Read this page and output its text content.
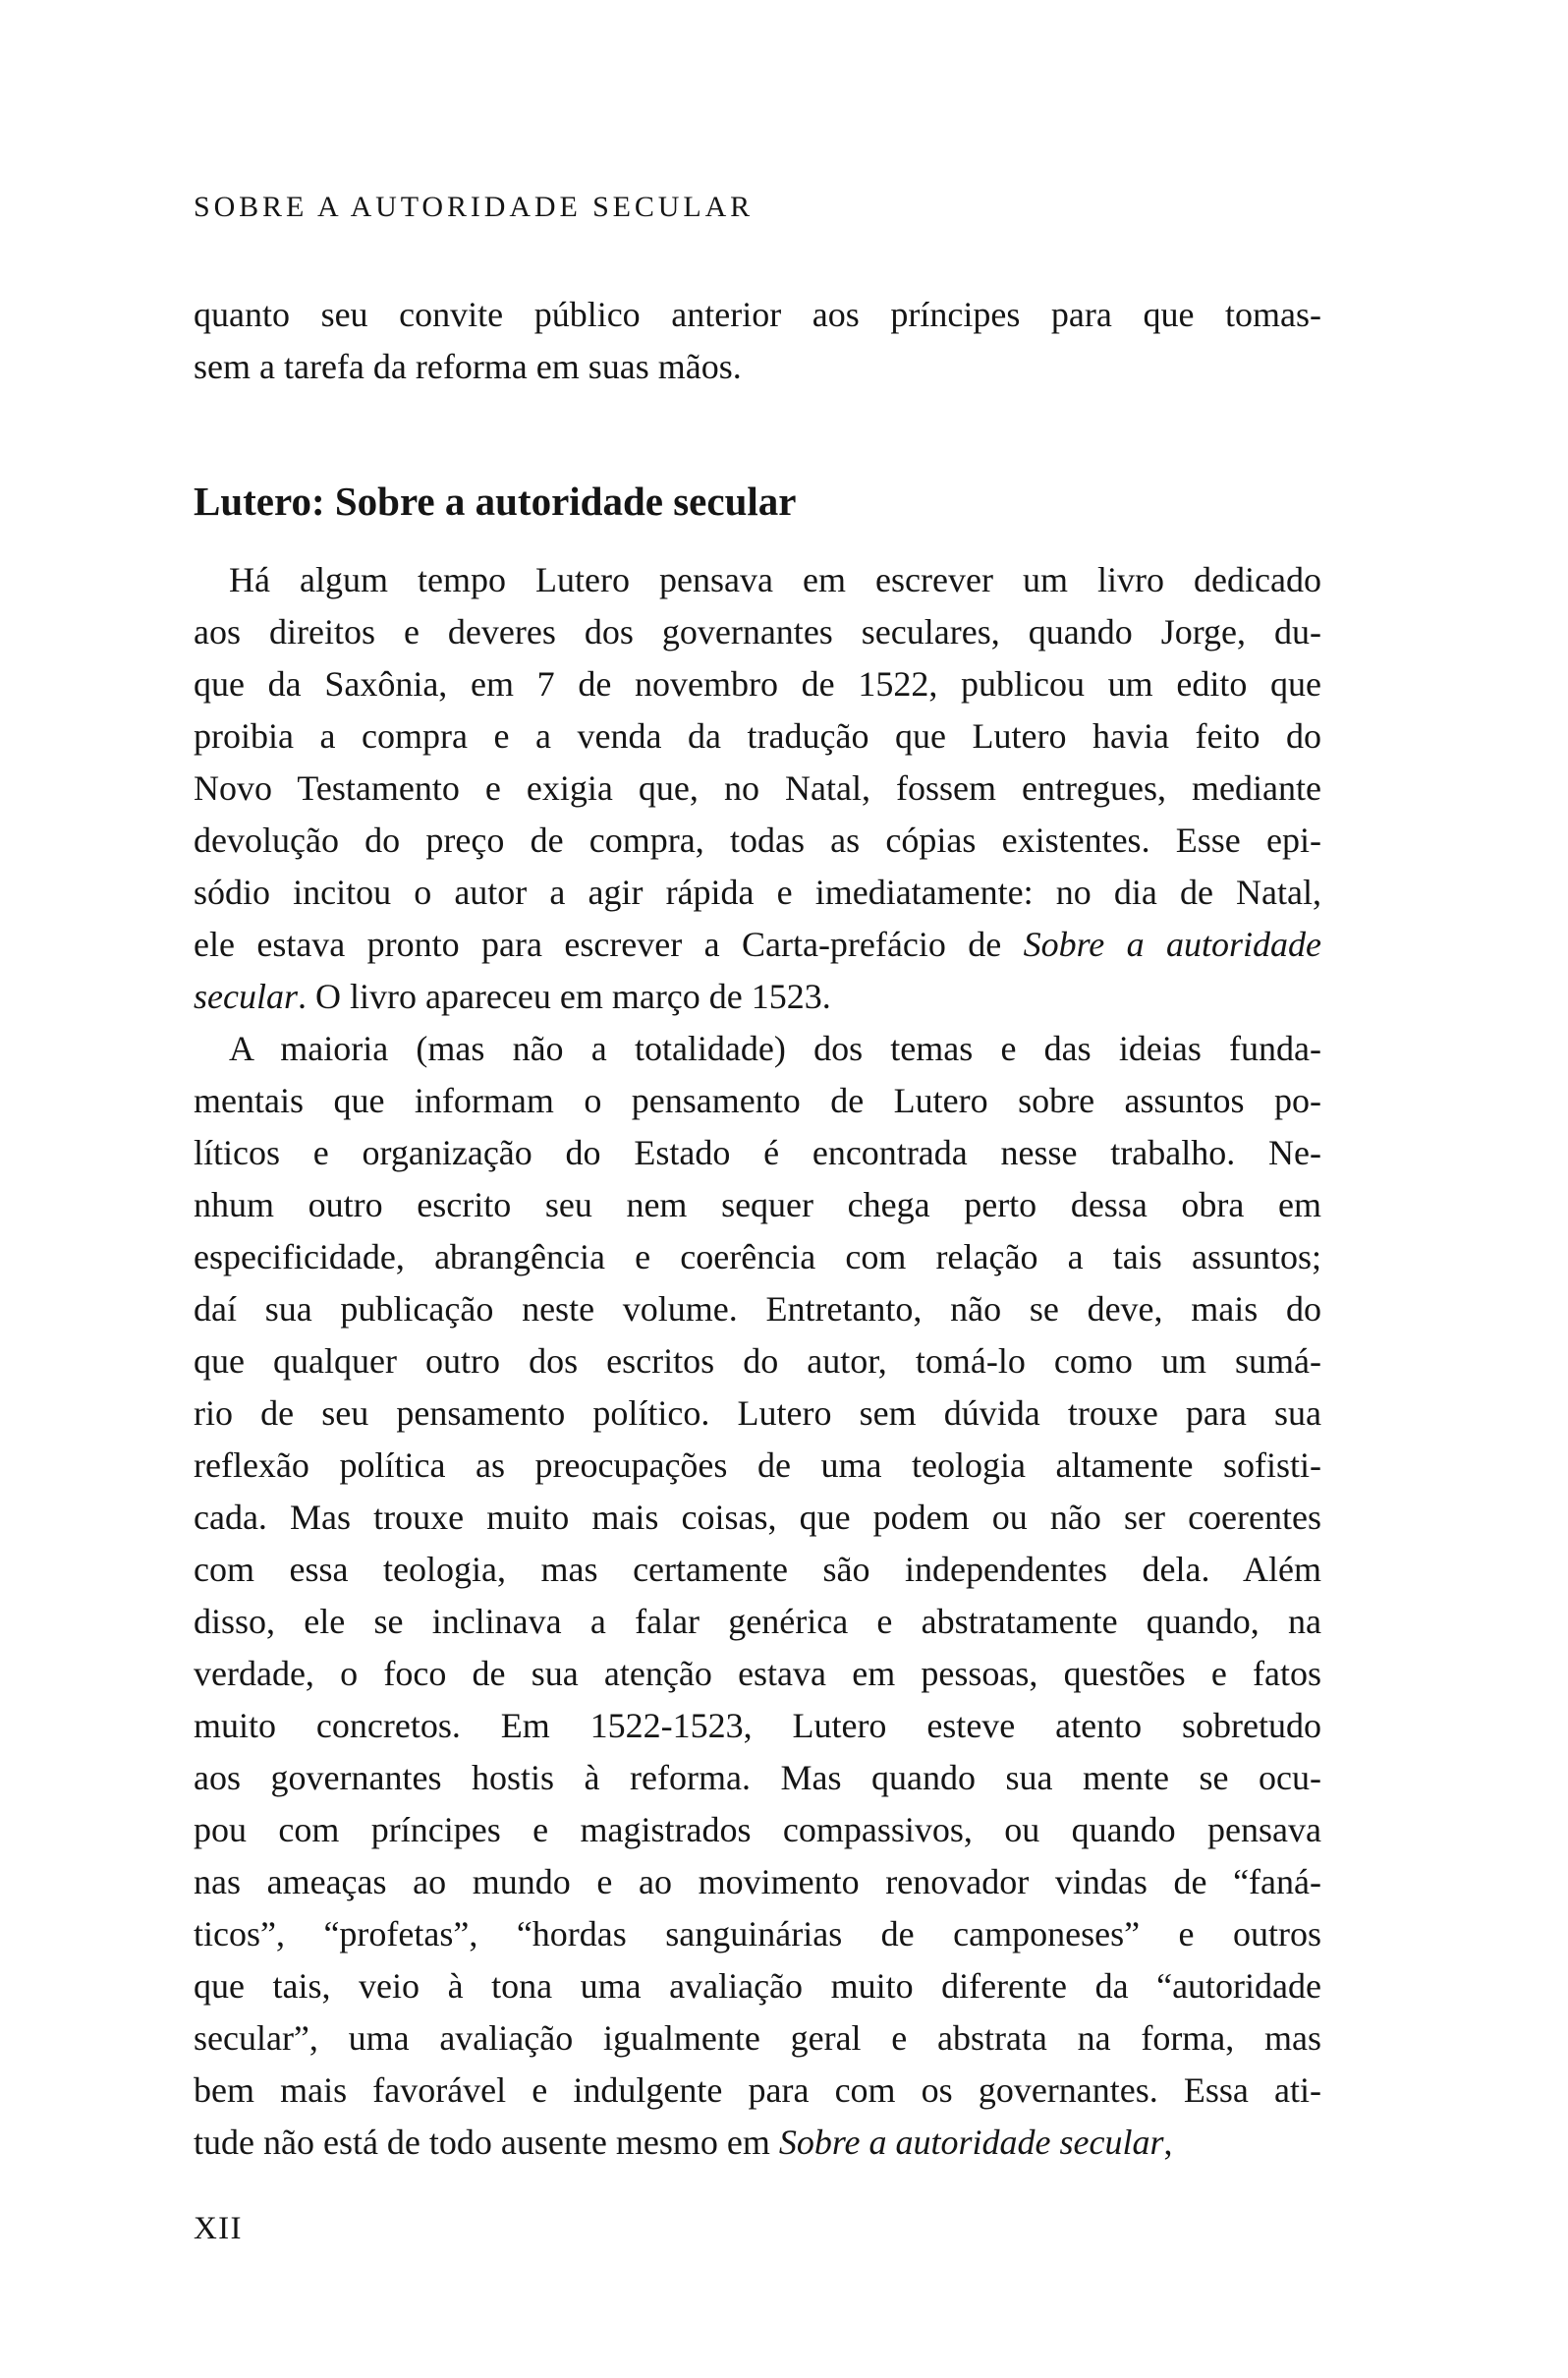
SOBRE A AUTORIDADE SECULAR
quanto seu convite público anterior aos príncipes para que tomas-
sem a tarefa da reforma em suas mãos.
Lutero: Sobre a autoridade secular
Há algum tempo Lutero pensava em escrever um livro dedicado
aos direitos e deveres dos governantes seculares, quando Jorge, du-
que da Saxônia, em 7 de novembro de 1522, publicou um edito que
proibia a compra e a venda da tradução que Lutero havia feito do
Novo Testamento e exigia que, no Natal, fossem entregues, mediante
devolução do preço de compra, todas as cópias existentes. Esse epi-
sódio incitou o autor a agir rápida e imediatamente: no dia de Natal,
ele estava pronto para escrever a Carta-prefácio de Sobre a autoridade
secular. O livro apareceu em março de 1523.
A maioria (mas não a totalidade) dos temas e das ideias funda-
mentais que informam o pensamento de Lutero sobre assuntos po-
líticos e organização do Estado é encontrada nesse trabalho. Ne-
nhum outro escrito seu nem sequer chega perto dessa obra em
especificidade, abrangência e coerência com relação a tais assuntos;
daí sua publicação neste volume. Entretanto, não se deve, mais do
que qualquer outro dos escritos do autor, tomá-lo como um sumá-
rio de seu pensamento político. Lutero sem dúvida trouxe para sua
reflexão política as preocupações de uma teologia altamente sofisti-
cada. Mas trouxe muito mais coisas, que podem ou não ser coerentes
com essa teologia, mas certamente são independentes dela. Além
disso, ele se inclinava a falar genérica e abstratamente quando, na
verdade, o foco de sua atenção estava em pessoas, questões e fatos
muito concretos. Em 1522-1523, Lutero esteve atento sobretudo
aos governantes hostis à reforma. Mas quando sua mente se ocu-
pou com príncipes e magistrados compassivos, ou quando pensava
nas ameaças ao mundo e ao movimento renovador vindas de “faná-
ticos”, “profetas”, “hordas sanguinárias de camponeses” e outros
que tais, veio à tona uma avaliação muito diferente da “autoridade
secular”, uma avaliação igualmente geral e abstrata na forma, mas
bem mais favorável e indulgente para com os governantes. Essa ati-
tude não está de todo ausente mesmo em Sobre a autoridade secular,
XII
